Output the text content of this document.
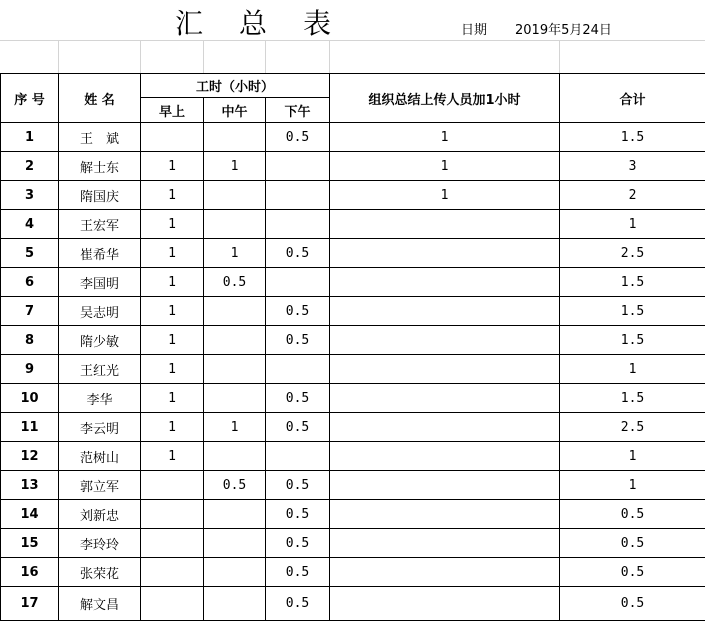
汇总表	日期 2019年5月24日
序 号	姓 名	工时（小时）			组织总结上传人员加1小时	合计
		早上	中午	下午		
1	王　斌			0.5	1	1.5
2	解士东	1	1		1	3
3	隋国庆	1			1	2
4	王宏军	1				1
5	崔希华	1	1	0.5		2.5
6	李国明	1	0.5			1.5
7	吴志明	1		0.5		1.5
8	隋少敏	1		0.5		1.5
9	王红光	1				1
10	李华	1		0.5		1.5
11	李云明	1	1	0.5		2.5
12	范树山	1				1
13	郭立军		0.5	0.5		1
14	刘新忠			0.5		0.5
15	李玲玲			0.5		0.5
16	张荣花			0.5		0.5
17	解文昌			0.5		0.5
